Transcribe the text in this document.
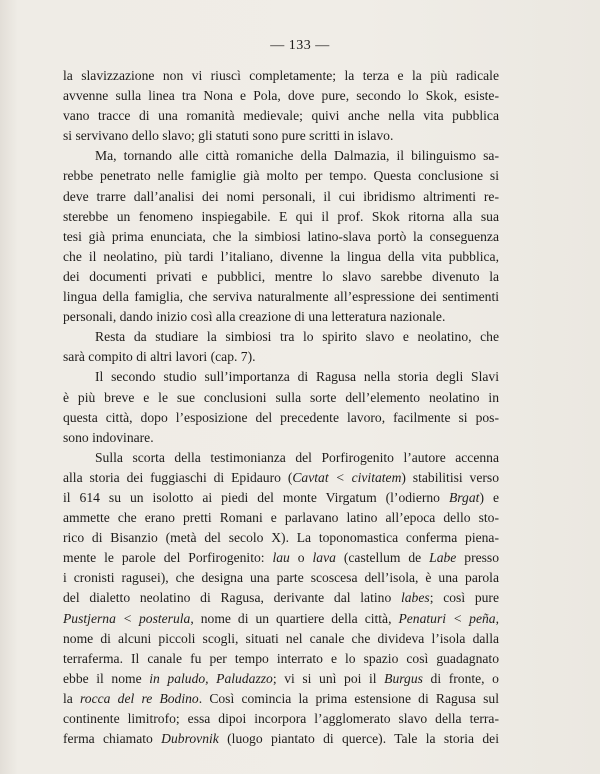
— 133 —
la slavizzazione non vi riuscì completamente; la terza e la più radicale
avvenne sulla linea tra Nona e Pola, dove pure, secondo lo Skok, esiste-
vano tracce di una romanità medievale; quivi anche nella vita pubblica
si servivano dello slavo; gli statuti sono pure scritti in islavo.
Ma, tornando alle città romaniche della Dalmazia, il bilinguismo sa-
rebbe penetrato nelle famiglie già molto per tempo. Questa conclusione si
deve trarre dall’analisi dei nomi personali, il cui ibridismo altrimenti re-
sterebbe un fenomeno inspiegabile. E qui il prof. Skok ritorna alla sua
tesi già prima enunciata, che la simbiosi latino-slava portò la conseguenza
che il neolatino, più tardi l’italiano, divenne la lingua della vita pubblica,
dei documenti privati e pubblici, mentre lo slavo sarebbe divenuto la
lingua della famiglia, che serviva naturalmente all’espressione dei sentimenti
personali, dando inizio così alla creazione di una letteratura nazionale.
Resta da studiare la simbiosi tra lo spirito slavo e neolatino, che
sarà compito di altri lavori (cap. 7).
Il secondo studio sull’importanza di Ragusa nella storia degli Slavi
è più breve e le sue conclusioni sulla sorte dell’elemento neolatino in
questa città, dopo l’esposizione del precedente lavoro, facilmente si pos-
sono indovinare.
Sulla scorta della testimonianza del Porfirogenito l’autore accenna
alla storia dei fuggiaschi di Epidauro (Cavtat < civitatem) stabilitisi verso
il 614 su un isolotto ai piedi del monte Virgatum (l’odierno Brgat) e
ammette che erano pretti Romani e parlavano latino all’epoca dello sto-
rico di Bisanzio (metà del secolo X). La toponomastica conferma piena-
mente le parole del Porfirogenito: lau o lava (castellum de Labe presso
i cronisti ragusei), che designa una parte scoscesa dell’isola, è una parola
del dialetto neolatino di Ragusa, derivante dal latino labes; così pure
Pustjerna < posterula, nome di un quartiere della città, Penaturi < peña,
nome di alcuni piccoli scogli, situati nel canale che divideva l’isola dalla
terraferma. Il canale fu per tempo interrato e lo spazio così guadagnato
ebbe il nome in paludo, Paludazzo; vi si unì poi il Burgus di fronte, o
la rocca del re Bodino. Così comincia la prima estensione di Ragusa sul
continente limitrofo; essa dipoi incorpora l’agglomerato slavo della terra-
ferma chiamato Dubrovnik (luogo piantato di querce). Tale la storia dei
